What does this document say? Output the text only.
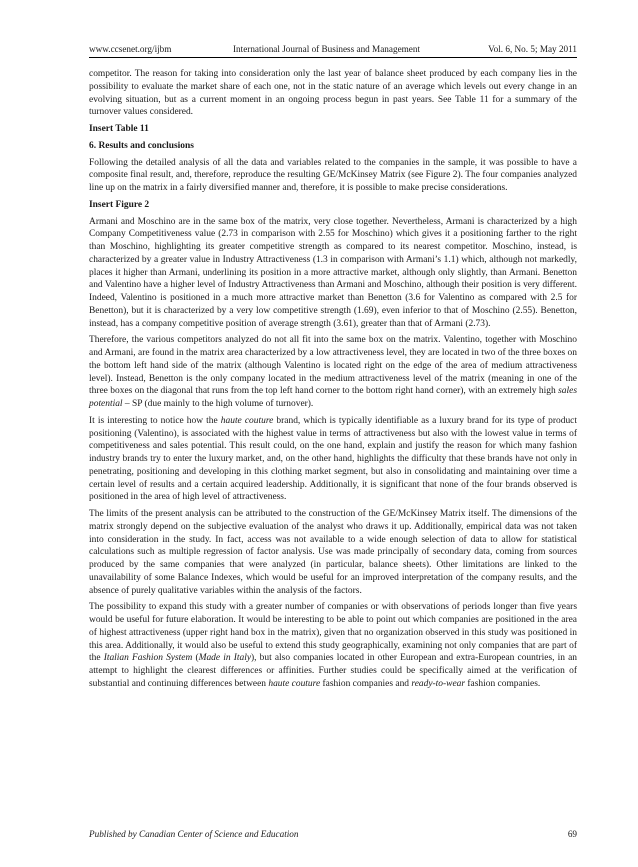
www.ccsenet.org/ijbm	International Journal of Business and Management	Vol. 6, No. 5; May 2011

competitor. The reason for taking into consideration only the last year of balance sheet produced by each company lies in the possibility to evaluate the market share of each one, not in the static nature of an average which levels out every change in an evolving situation, but as a current moment in an ongoing process begun in past years. See Table 11 for a summary of the turnover values considered.

Insert Table 11

6. Results and conclusions

Following the detailed analysis of all the data and variables related to the companies in the sample, it was possible to have a composite final result, and, therefore, reproduce the resulting GE/McKinsey Matrix (see Figure 2). The four companies analyzed line up on the matrix in a fairly diversified manner and, therefore, it is possible to make precise considerations.

Insert Figure 2

Armani and Moschino are in the same box of the matrix, very close together. Nevertheless, Armani is characterized by a high Company Competitiveness value (2.73 in comparison with 2.55 for Moschino) which gives it a positioning farther to the right than Moschino, highlighting its greater competitive strength as compared to its nearest competitor. Moschino, instead, is characterized by a greater value in Industry Attractiveness (1.3 in comparison with Armani’s 1.1) which, although not markedly, places it higher than Armani, underlining its position in a more attractive market, although only slightly, than Armani. Benetton and Valentino have a higher level of Industry Attractiveness than Armani and Moschino, although their position is very different. Indeed, Valentino is positioned in a much more attractive market than Benetton (3.6 for Valentino as compared with 2.5 for Benetton), but it is characterized by a very low competitive strength (1.69), even inferior to that of Moschino (2.55). Benetton, instead, has a company competitive position of average strength (3.61), greater than that of Armani (2.73).

Therefore, the various competitors analyzed do not all fit into the same box on the matrix. Valentino, together with Moschino and Armani, are found in the matrix area characterized by a low attractiveness level, they are located in two of the three boxes on the bottom left hand side of the matrix (although Valentino is located right on the edge of the area of medium attractiveness level). Instead, Benetton is the only company located in the medium attractiveness level of the matrix (meaning in one of the three boxes on the diagonal that runs from the top left hand corner to the bottom right hand corner), with an extremely high sales potential – SP (due mainly to the high volume of turnover).

It is interesting to notice how the haute couture brand, which is typically identifiable as a luxury brand for its type of product positioning (Valentino), is associated with the highest value in terms of attractiveness but also with the lowest value in terms of competitiveness and sales potential. This result could, on the one hand, explain and justify the reason for which many fashion industry brands try to enter the luxury market, and, on the other hand, highlights the difficulty that these brands have not only in penetrating, positioning and developing in this clothing market segment, but also in consolidating and maintaining over time a certain level of results and a certain acquired leadership. Additionally, it is significant that none of the four brands observed is positioned in the area of high level of attractiveness.

The limits of the present analysis can be attributed to the construction of the GE/McKinsey Matrix itself. The dimensions of the matrix strongly depend on the subjective evaluation of the analyst who draws it up. Additionally, empirical data was not taken into consideration in the study. In fact, access was not available to a wide enough selection of data to allow for statistical calculations such as multiple regression of factor analysis. Use was made principally of secondary data, coming from sources produced by the same companies that were analyzed (in particular, balance sheets). Other limitations are linked to the unavailability of some Balance Indexes, which would be useful for an improved interpretation of the company results, and the absence of purely qualitative variables within the analysis of the factors.

The possibility to expand this study with a greater number of companies or with observations of periods longer than five years would be useful for future elaboration. It would be interesting to be able to point out which companies are positioned in the area of highest attractiveness (upper right hand box in the matrix), given that no organization observed in this study was positioned in this area. Additionally, it would also be useful to extend this study geographically, examining not only companies that are part of the Italian Fashion System (Made in Italy), but also companies located in other European and extra-European countries, in an attempt to highlight the clearest differences or affinities. Further studies could be specifically aimed at the verification of substantial and continuing differences between haute couture fashion companies and ready-to-wear fashion companies.

Published by Canadian Center of Science and Education	69
